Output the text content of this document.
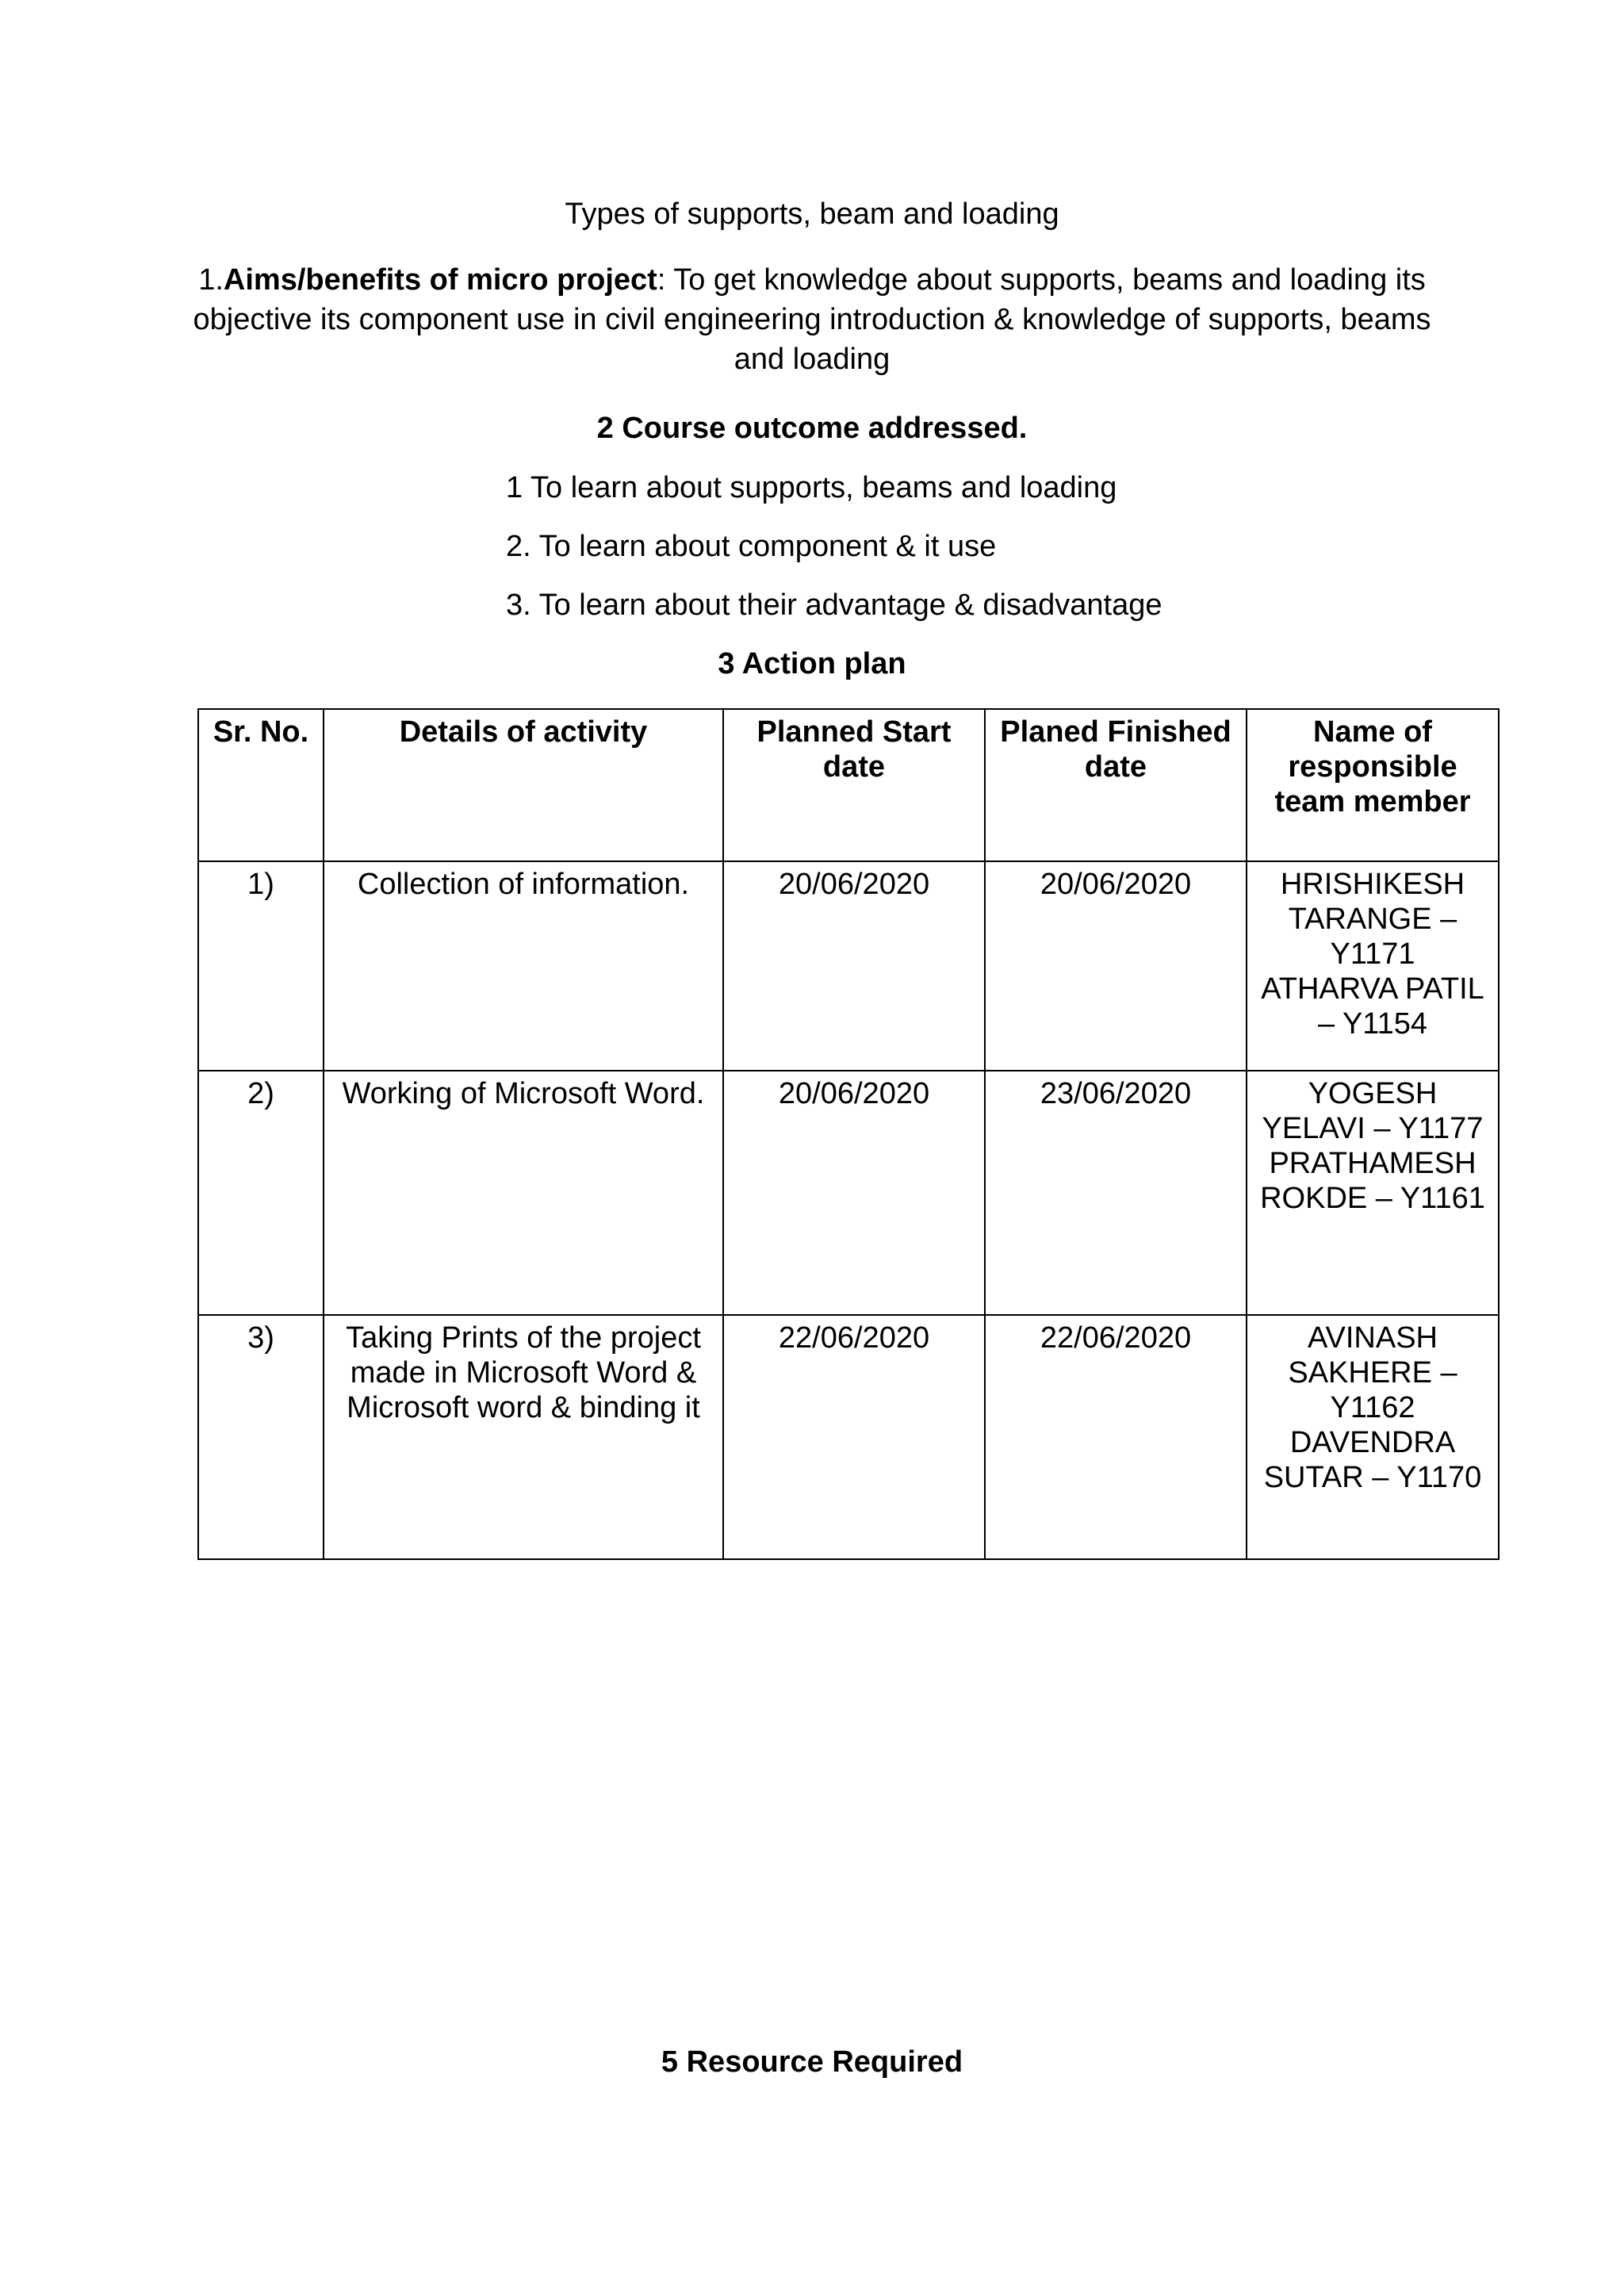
Types of supports, beam and loading
1.Aims/benefits of micro project: To get knowledge about supports, beams and loading its objective its component use in civil engineering introduction & knowledge of supports, beams and loading
2 Course outcome addressed.
1 To learn about supports, beams and loading
2. To learn about component & it use
3. To learn about their advantage & disadvantage
3 Action plan
Sr. No.	Details of activity	Planned Start date	Planed Finished date	Name of responsible team member
1)	Collection of information.	20/06/2020	20/06/2020	HRISHIKESH TARANGE – Y1171
ATHARVA PATIL – Y1154

2)	Working of Microsoft Word.	20/06/2020	23/06/2020	YOGESH YELAVI – Y1177
PRATHAMESH ROKDE – Y1161

3)	Taking Prints of the project made in Microsoft Word & Microsoft word & binding it	22/06/2020	22/06/2020	AVINASH SAKHERE – Y1162
DAVENDRA SUTAR – Y1170
5 Resource Required
